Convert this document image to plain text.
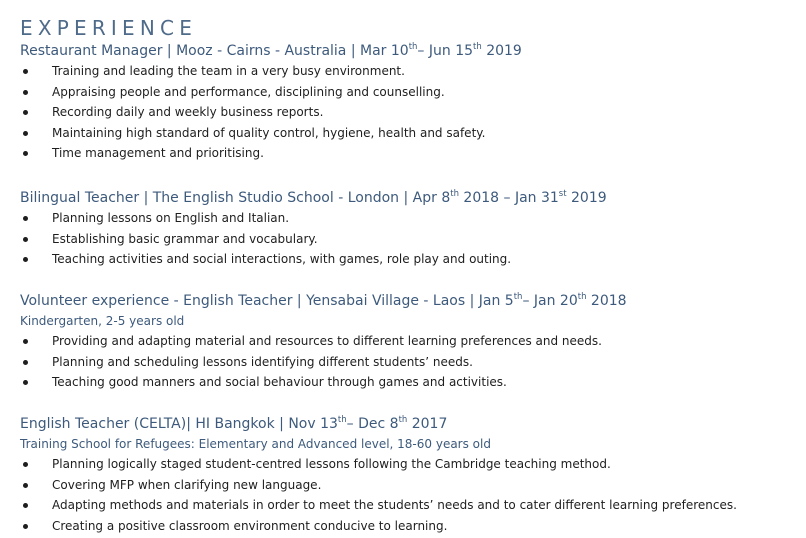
EXPERIENCE
Restaurant Manager | Mooz - Cairns - Australia | Mar 10th– Jun 15th 2019
Training and leading the team in a very busy environment.
Appraising people and performance, disciplining and counselling.
Recording daily and weekly business reports.
Maintaining high standard of quality control, hygiene, health and safety.
Time management and prioritising.
Bilingual Teacher | The English Studio School - London | Apr 8th 2018 – Jan 31st 2019
Planning lessons on English and Italian.
Establishing basic grammar and vocabulary.
Teaching activities and social interactions, with games, role play and outing.
Volunteer experience - English Teacher | Yensabai Village - Laos | Jan 5th– Jan 20th 2018
Kindergarten, 2-5 years old
Providing and adapting material and resources to different learning preferences and needs.
Planning and scheduling lessons identifying different students’ needs.
Teaching good manners and social behaviour through games and activities.
English Teacher (CELTA)| HI Bangkok | Nov 13th– Dec 8th 2017
Training School for Refugees: Elementary and Advanced level, 18-60 years old
Planning logically staged student-centred lessons following the Cambridge teaching method.
Covering MFP when clarifying new language.
Adapting methods and materials in order to meet the students’ needs and to cater different learning preferences.
Creating a positive classroom environment conducive to learning.
